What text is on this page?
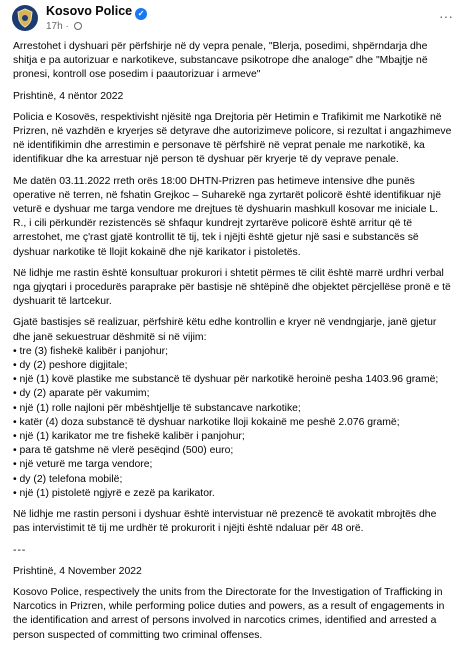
Kosovo Police ✓
17h ·
···

Arrestohet i dyshuari për përfshirje në dy vepra penale, "Blerja, posedimi, shpërndarja dhe shitja e pa autorizuar e narkotikeve, substancave psikotrope dhe analoge" dhe "Mbajtje në pronesi, kontroll ose posedim i paautorizuar i armeve"

Prishtinë, 4 nëntor 2022

Policia e Kosovës, respektivisht njësitë nga Drejtoria për Hetimin e Trafikimit me Narkotikë në Prizren, në vazhdën e kryerjes së detyrave dhe autorizimeve policore, si rezultat i angazhimeve në identifikimin dhe arrestimin e personave të përfshirë në veprat penale me narkotikë, ka identifikuar dhe ka arrestuar një person të dyshuar për kryerje të dy veprave penale.

Me datën 03.11.2022 rreth orës 18:00 DHTN-Prizren pas hetimeve intensive dhe punës operative në terren, në fshatin Grejkoc – Suharekë nga zyrtarët policorë është identifikuar një veturë e dyshuar me targa vendore me drejtues të dyshuarin mashkull kosovar me iniciale L. R., i cili përkundër rezistencës së shfaqur kundrejt zyrtarëve policorë është arritur që të arrestohet, me ç'rast gjatë kontrollit të tij, tek i njëjti është gjetur një sasi e substancës së dyshuar narkotike të llojit kokainë dhe një karikator i pistoletës.

Në lidhje me rastin është konsultuar prokurori i shtetit përmes të cilit është marrë urdhri verbal nga gjyqtari i procedurës paraprake për bastisje në shtëpinë dhe objektet përcjellëse pronë e të dyshuarit të lartcekur.

Gjatë bastisjes së realizuar, përfshirë këtu edhe kontrollin e kryer në vendngjarje, janë gjetur dhe janë sekuestruar dëshmitë si në vijim:

• tre (3) fishekë kalibër i panjohur;
• dy (2) peshore digjitale;
• një (1) kovë plastike me substancë të dyshuar për narkotikë heroinë pesha 1403.96 gramë;
• dy (2) aparate për vakumim;
• një (1) rolle najloni për mbështjellje të substancave narkotike;
• katër (4) doza substancë të dyshuar narkotike lloji kokainë me peshë 2.076 gramë;
• një (1) karikator me tre fishekë kalibër i panjohur;
• para të gatshme në vlerë pesëqind (500) euro;
• një veturë me targa vendore;
• dy (2) telefona mobilë;
• një (1) pistoletë ngjyrë e zezë pa karikator.

Në lidhje me rastin personi i dyshuar është intervistuar në prezencë të avokatit mbrojtës dhe pas intervistimit të tij me urdhër të prokurorit i njëjti është ndaluar për 48 orë.

---

Prishtinë, 4 November 2022

Kosovo Police, respectively the units from the Directorate for the Investigation of Trafficking in Narcotics in Prizren, while performing police duties and powers, as a result of engagements in the identification and arrest of persons involved in narcotics crimes, identified and arrested a person suspected of committing two criminal offenses.
